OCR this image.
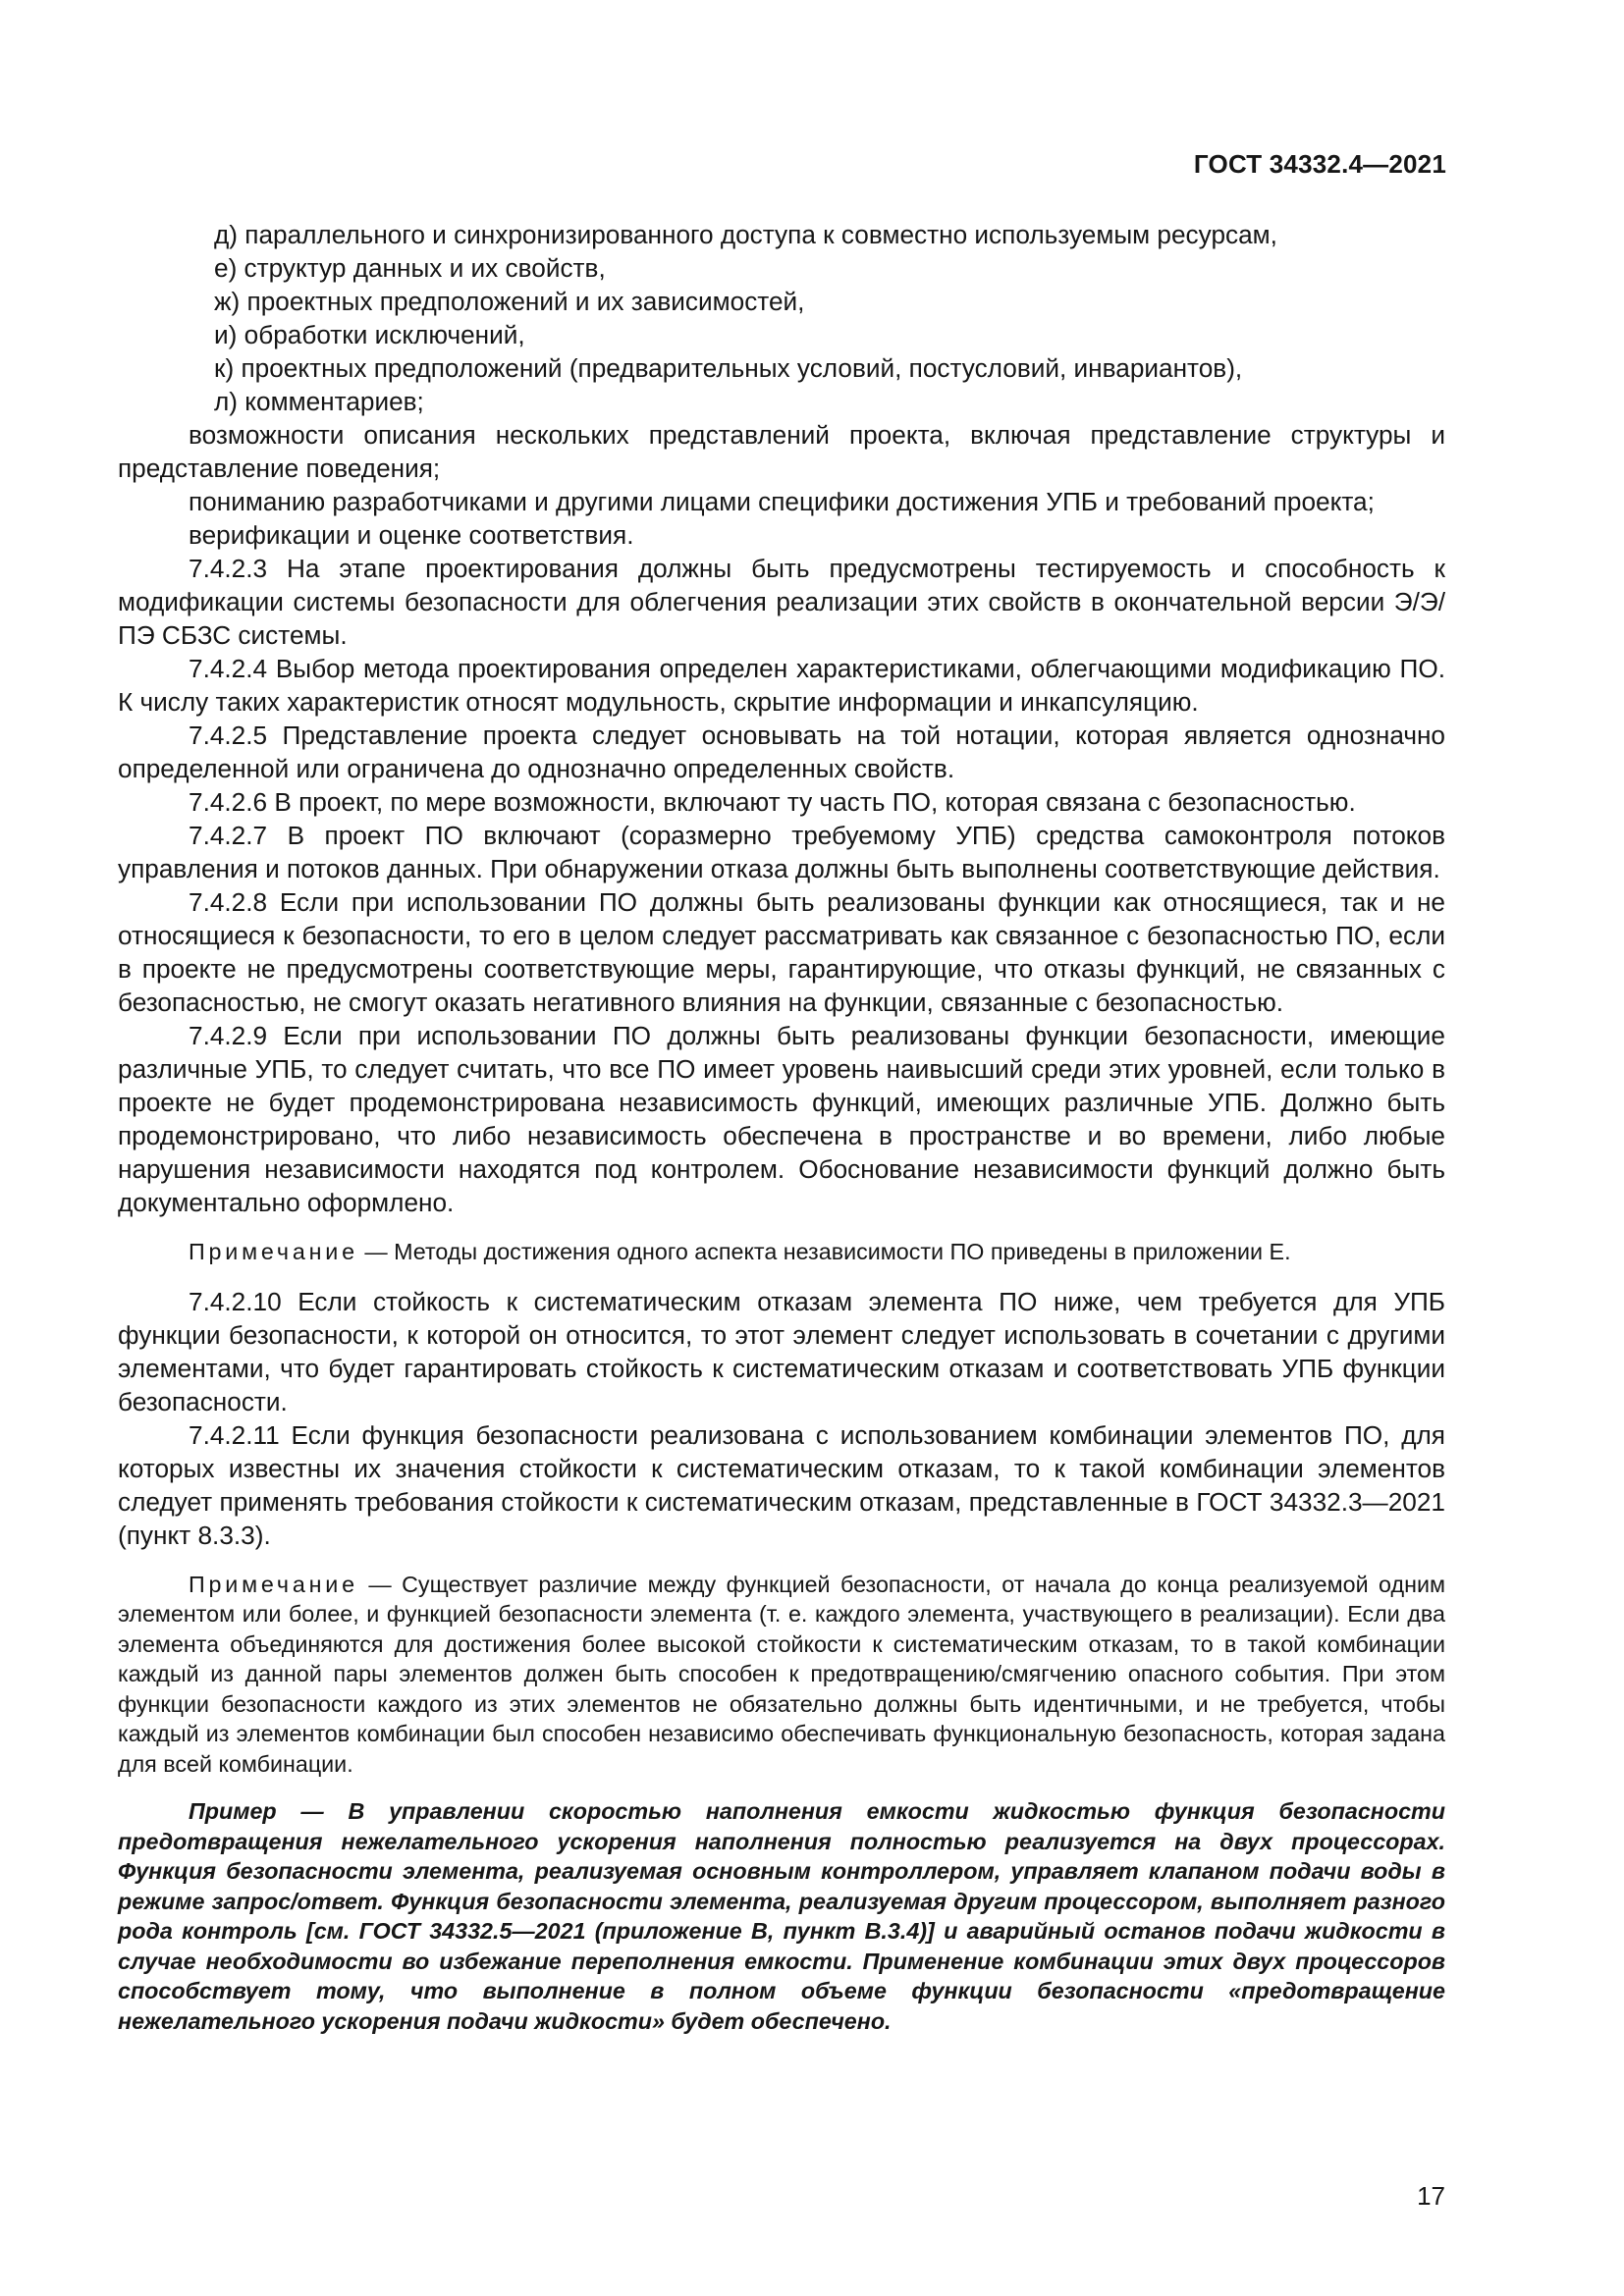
ГОСТ 34332.4—2021

д) параллельного и синхронизированного доступа к совместно используемым ресурсам,

е) структур данных и их свойств,

ж) проектных предположений и их зависимостей,

и) обработки исключений,

к) проектных предположений (предварительных условий, постусловий, инвариантов),

л) комментариев;

возможности описания нескольких представлений проекта, включая представление структуры и представление поведения;

пониманию разработчиками и другими лицами специфики достижения УПБ и требований проекта;

верификации и оценке соответствия.

7.4.2.3 На этапе проектирования должны быть предусмотрены тестируемость и способность к модификации системы безопасности для облегчения реализации этих свойств в окончательной версии Э/Э/ПЭ СБЗС системы.

7.4.2.4 Выбор метода проектирования определен характеристиками, облегчающими модификацию ПО. К числу таких характеристик относят модульность, скрытие информации и инкапсуляцию.

7.4.2.5 Представление проекта следует основывать на той нотации, которая является однозначно определенной или ограничена до однозначно определенных свойств.

7.4.2.6 В проект, по мере возможности, включают ту часть ПО, которая связана с безопасностью.

7.4.2.7 В проект ПО включают (соразмерно требуемому УПБ) средства самоконтроля потоков управления и потоков данных. При обнаружении отказа должны быть выполнены соответствующие действия.

7.4.2.8 Если при использовании ПО должны быть реализованы функции как относящиеся, так и не относящиеся к безопасности, то его в целом следует рассматривать как связанное с безопасностью ПО, если в проекте не предусмотрены соответствующие меры, гарантирующие, что отказы функций, не связанных с безопасностью, не смогут оказать негативного влияния на функции, связанные с безопасностью.

7.4.2.9 Если при использовании ПО должны быть реализованы функции безопасности, имеющие различные УПБ, то следует считать, что все ПО имеет уровень наивысший среди этих уровней, если только в проекте не будет продемонстрирована независимость функций, имеющих различные УПБ. Должно быть продемонстрировано, что либо независимость обеспечена в пространстве и во времени, либо любые нарушения независимости находятся под контролем. Обоснование независимости функций должно быть документально оформлено.

Примечание — Методы достижения одного аспекта независимости ПО приведены в приложении Е.

7.4.2.10 Если стойкость к систематическим отказам элемента ПО ниже, чем требуется для УПБ функции безопасности, к которой он относится, то этот элемент следует использовать в сочетании с другими элементами, что будет гарантировать стойкость к систематическим отказам и соответствовать УПБ функции безопасности.

7.4.2.11 Если функция безопасности реализована с использованием комбинации элементов ПО, для которых известны их значения стойкости к систематическим отказам, то к такой комбинации элементов следует применять требования стойкости к систематическим отказам, представленные в ГОСТ 34332.3—2021 (пункт 8.3.3).

Примечание — Существует различие между функцией безопасности, от начала до конца реализуемой одним элементом или более, и функцией безопасности элемента (т. е. каждого элемента, участвующего в реализации). Если два элемента объединяются для достижения более высокой стойкости к систематическим отказам, то в такой комбинации каждый из данной пары элементов должен быть способен к предотвращению/смягчению опасного события. При этом функции безопасности каждого из этих элементов не обязательно должны быть идентичными, и не требуется, чтобы каждый из элементов комбинации был способен независимо обеспечивать функциональную безопасность, которая задана для всей комбинации.

Пример — В управлении скоростью наполнения емкости жидкостью функция безопасности предотвращения нежелательного ускорения наполнения полностью реализуется на двух процессорах. Функция безопасности элемента, реализуемая основным контроллером, управляет клапаном подачи воды в режиме запрос/ответ. Функция безопасности элемента, реализуемая другим процессором, выполняет разного рода контроль [см. ГОСТ 34332.5—2021 (приложение В, пункт В.3.4)] и аварийный останов подачи жидкости в случае необходимости во избежание переполнения емкости. Применение комбинации этих двух процессоров способствует тому, что выполнение в полном объеме функции безопасности «предотвращение нежелательного ускорения подачи жидкости» будет обеспечено.

17
